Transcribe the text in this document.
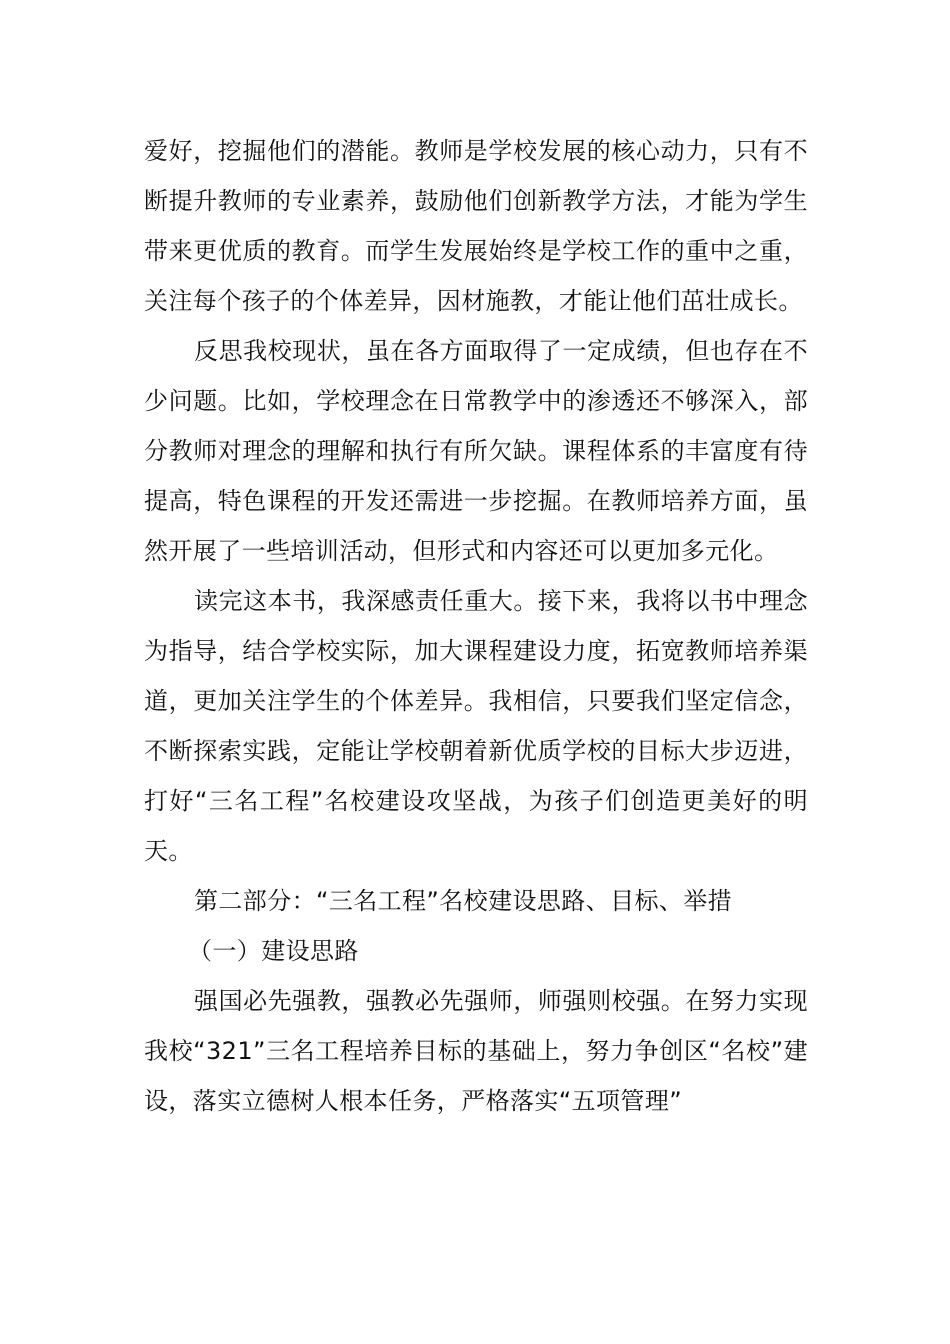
爱好，挖掘他们的潜能。教师是学校发展的核心动力，只有不断提升教师的专业素养，鼓励他们创新教学方法，才能为学生带来更优质的教育。而学生发展始终是学校工作的重中之重，关注每个孩子的个体差异，因材施教，才能让他们茁壮成长。

反思我校现状，虽在各方面取得了一定成绩，但也存在不少问题。比如，学校理念在日常教学中的渗透还不够深入，部分教师对理念的理解和执行有所欠缺。课程体系的丰富度有待提高，特色课程的开发还需进一步挖掘。在教师培养方面，虽然开展了一些培训活动，但形式和内容还可以更加多元化。

读完这本书，我深感责任重大。接下来，我将以书中理念为指导，结合学校实际，加大课程建设力度，拓宽教师培养渠道，更加关注学生的个体差异。我相信，只要我们坚定信念，不断探索实践，定能让学校朝着新优质学校的目标大步迈进，打好“三名工程”名校建设攻坚战，为孩子们创造更美好的明天。

第二部分：“三名工程”名校建设思路、目标、举措

（一）建设思路

强国必先强教，强教必先强师，师强则校强。在努力实现我校“321”三名工程培养目标的基础上，努力争创区“名校”建设，落实立德树人根本任务，严格落实“五项管理”
